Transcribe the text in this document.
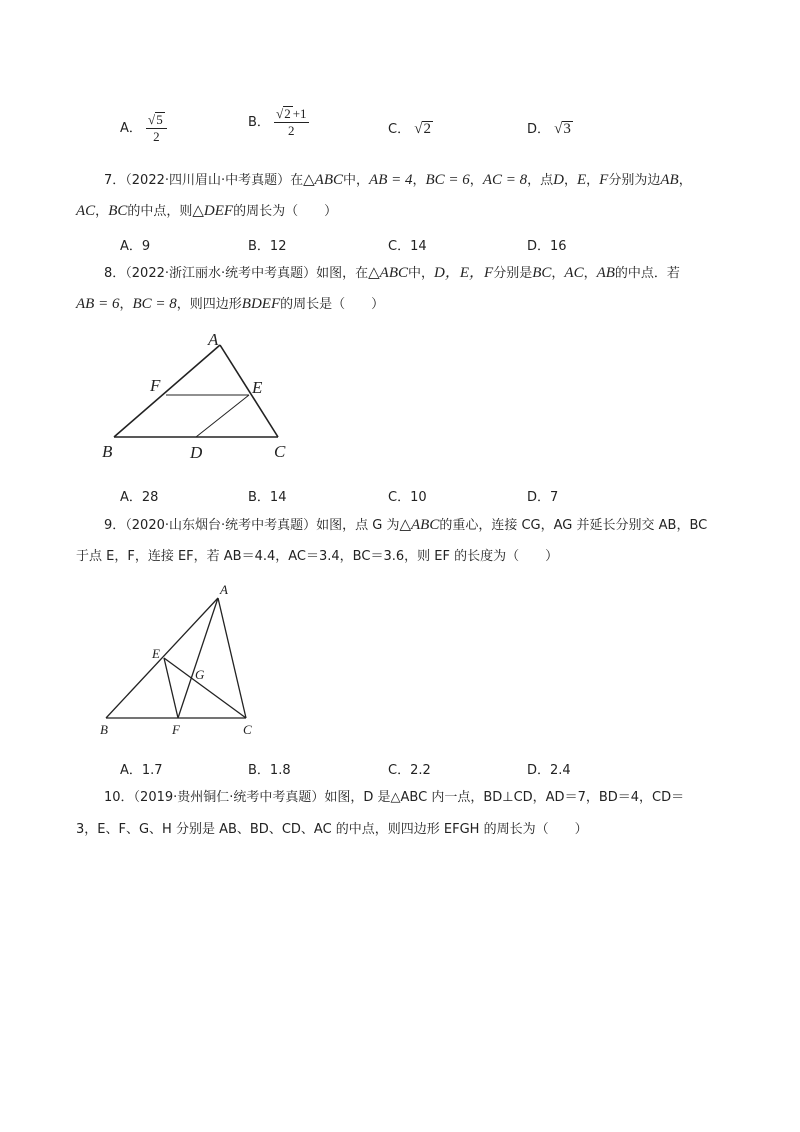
A． $\frac{√5}{2}$	B． $\frac{√2 +1}{2}$	C． √2	D． √3
7．（2022·四川眉山·中考真题）在△ABC中，AB = 4，BC = 6，AC = 8，点D，E，F分别为边AB，
AC，BC的中点，则△DEF的周长为（　　）
A．9	B．12	C．14	D．16
8．（2022·浙江丽水·统考中考真题）如图，在△ABC中，D，E，F分别是BC，AC，AB的中点．若
AB = 6，BC = 8，则四边形BDEF的周长是（　　）
A
F	E
B	D	C
A．28	B．14	C．10	D．7
9．（2020·山东烟台·统考中考真题）如图，点 G 为△ABC的重心，连接 CG，AG 并延长分别交 AB，BC
于点 E，F，连接 EF，若 AB＝4.4，AC＝3.4，BC＝3.6，则 EF 的长度为（　　）
A
E
G
B	F	C
A．1.7	B．1.8	C．2.2	D．2.4
10．（2019·贵州铜仁·统考中考真题）如图，D 是△ABC 内一点，BD⊥CD，AD＝7，BD＝4，CD＝
3，E、F、G、H 分别是 AB、BD、CD、AC 的中点，则四边形 EFGH 的周长为（　　）
